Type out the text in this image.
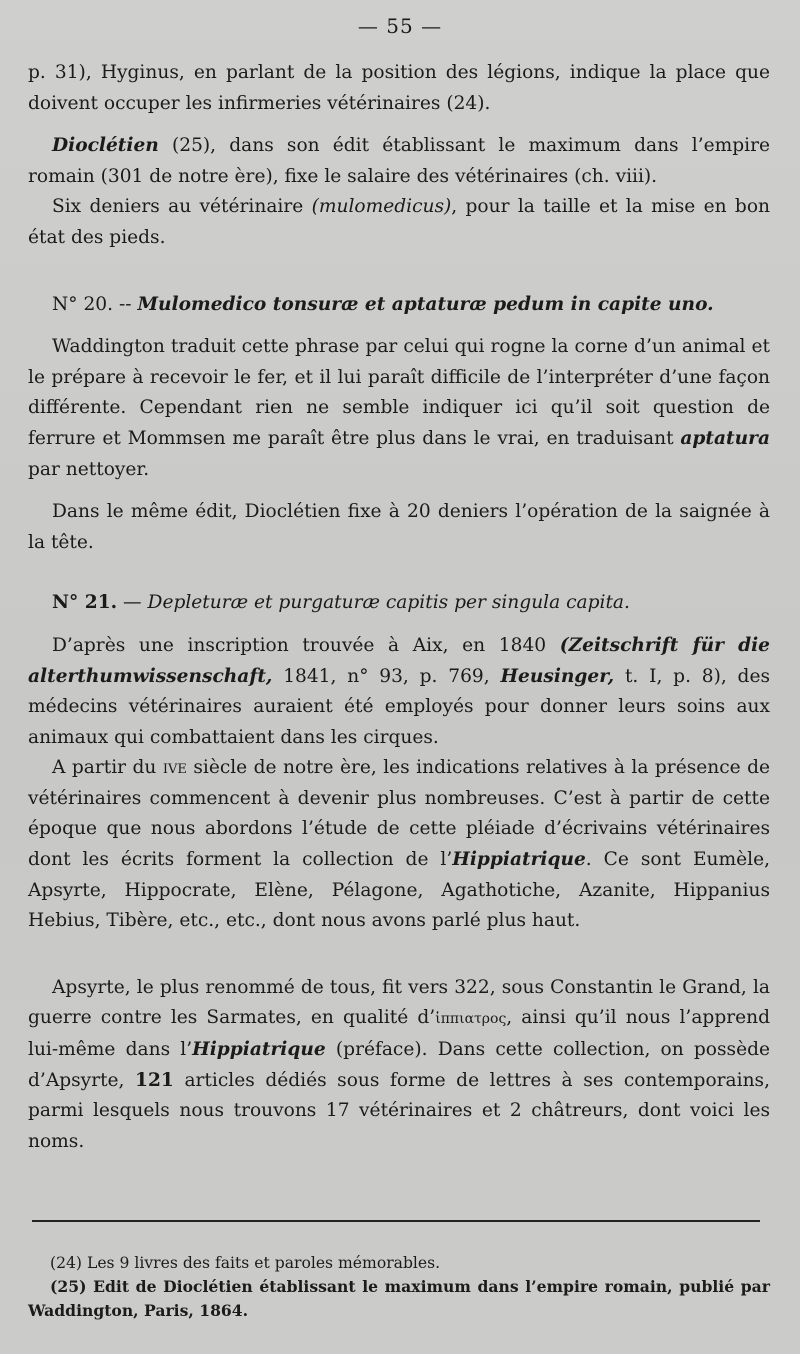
— 55 —

p. 31), Hyginus, en parlant de la position des légions, indique la place que doivent occuper les infirmeries vétérinaires (24).

Dioclétien (25), dans son édit établissant le maximum dans l’empire romain (301 de notre ère), fixe le salaire des vétérinaires (ch. viii).

Six deniers au vétérinaire (mulomedicus), pour la taille et la mise en bon état des pieds.

N° 20. -- Mulomedico tonsuræ et aptaturæ pedum in capite uno.

Waddington traduit cette phrase par celui qui rogne la corne d’un animal et le prépare à recevoir le fer, et il lui paraît difficile de l’interpréter d’une façon différente. Cependant rien ne semble indiquer ici qu’il soit question de ferrure et Mommsen me paraît être plus dans le vrai, en traduisant aptatura par nettoyer.

Dans le même édit, Dioclétien fixe à 20 deniers l’opération de la saignée à la tête.

N° 21. — Depleturæ et purgaturæ capitis per singula capita.

D’après une inscription trouvée à Aix, en 1840 (Zeitschrift für die alterthumwissenschaft, 1841, n° 93, p. 769, Heusinger, t. I, p. 8), des médecins vétérinaires auraient été employés pour donner leurs soins aux animaux qui combattaient dans les cirques.

A partir du ive siècle de notre ère, les indications relatives à la présence de vétérinaires commencent à devenir plus nombreuses. C’est à partir de cette époque que nous abordons l’étude de cette pléiade d’écrivains vétérinaires dont les écrits forment la collection de l’Hippiatrique. Ce sont Eumèle, Apsyrte, Hippocrate, Elène, Pélagone, Agathotiche, Azanite, Hippanius Hebius, Tibère, etc., etc., dont nous avons parlé plus haut.

Apsyrte, le plus renommé de tous, fit vers 322, sous Constantin le Grand, la guerre contre les Sarmates, en qualité d’ἱππιατρος, ainsi qu’il nous l’apprend lui-même dans l’Hippiatrique (préface). Dans cette collection, on possède d’Apsyrte, 121 articles dédiés sous forme de lettres à ses contemporains, parmi lesquels nous trouvons 17 vétérinaires et 2 châtreurs, dont voici les noms.

(24) Les 9 livres des faits et paroles mémorables.

(25) Edit de Dioclétien établissant le maximum dans l’empire romain, publié par Waddington, Paris, 1864.
